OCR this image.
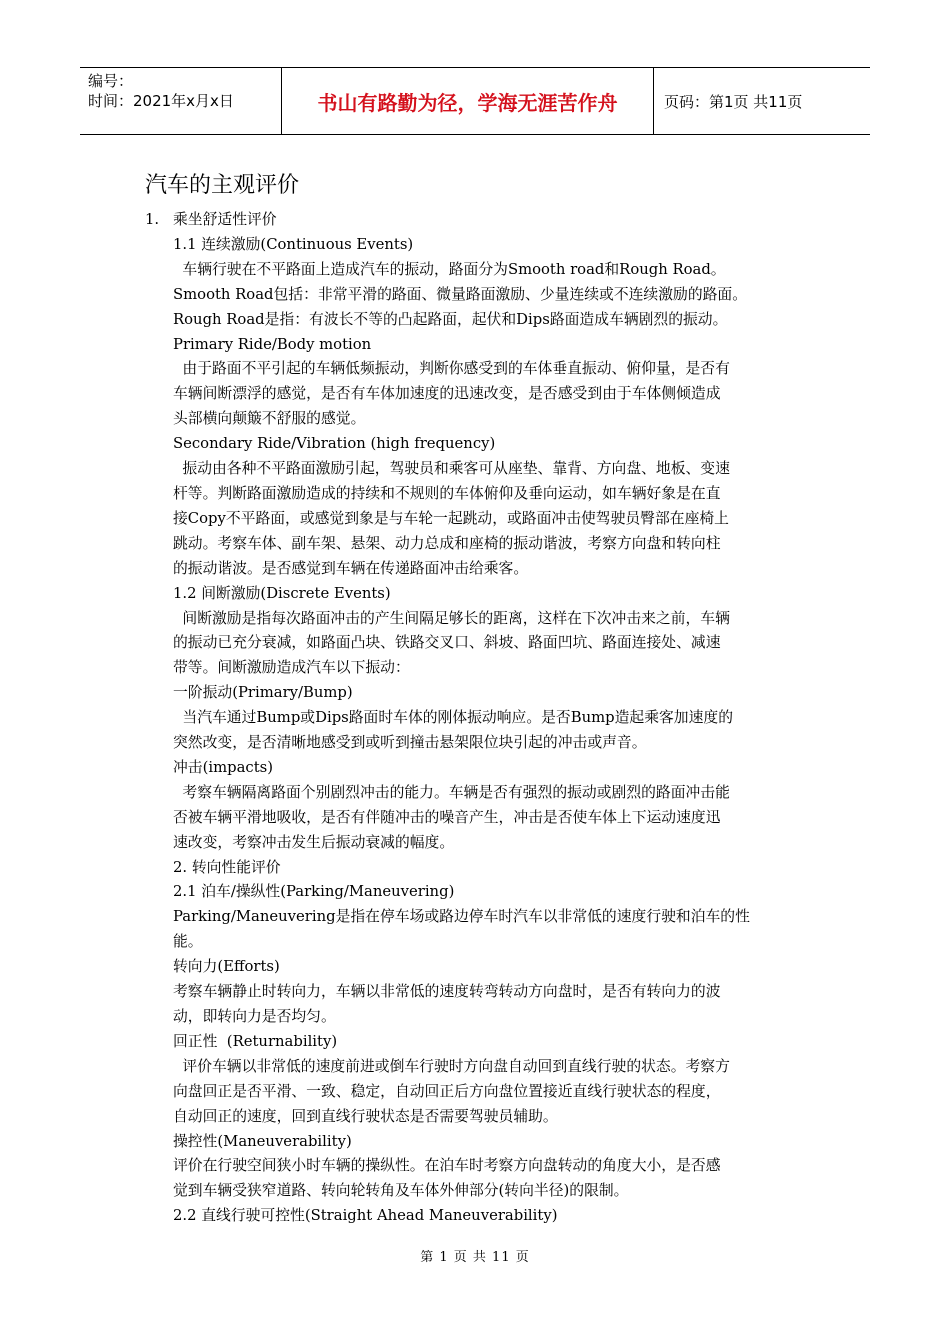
编号：
时间：2021年x月x日	书山有路勤为径，学海无涯苦作舟	页码：第1页 共11页
汽车的主观评价

1. 乘坐舒适性评价

1.1 连续激励(Continuous Events)

车辆行驶在不平路面上造成汽车的振动，路面分为Smooth road和Rough Road。

Smooth Road包括：非常平滑的路面、微量路面激励、少量连续或不连续激励的路面。

Rough Road是指：有波长不等的凸起路面，起伏和Dips路面造成车辆剧烈的振动。

Primary Ride/Body motion

由于路面不平引起的车辆低频振动，判断你感受到的车体垂直振动、俯仰量，是否有

车辆间断漂浮的感觉，是否有车体加速度的迅速改变，是否感受到由于车体侧倾造成

头部横向颠簸不舒服的感觉。

Secondary Ride/Vibration (high frequency)

振动由各种不平路面激励引起，驾驶员和乘客可从座垫、靠背、方向盘、地板、变速

杆等。判断路面激励造成的持续和不规则的车体俯仰及垂向运动，如车辆好象是在直

接Copy不平路面，或感觉到象是与车轮一起跳动，或路面冲击使驾驶员臀部在座椅上

跳动。考察车体、副车架、悬架、动力总成和座椅的振动谐波，考察方向盘和转向柱

的振动谐波。是否感觉到车辆在传递路面冲击给乘客。

1.2 间断激励(Discrete Events)

间断激励是指每次路面冲击的产生间隔足够长的距离，这样在下次冲击来之前，车辆

的振动已充分衰减，如路面凸块、铁路交叉口、斜坡、路面凹坑、路面连接处、减速

带等。间断激励造成汽车以下振动：

一阶振动(Primary/Bump)

当汽车通过Bump或Dips路面时车体的刚体振动响应。是否Bump造起乘客加速度的

突然改变，是否清晰地感受到或听到撞击悬架限位块引起的冲击或声音。

冲击(impacts)

考察车辆隔离路面个别剧烈冲击的能力。车辆是否有强烈的振动或剧烈的路面冲击能

否被车辆平滑地吸收，是否有伴随冲击的噪音产生，冲击是否使车体上下运动速度迅

速改变，考察冲击发生后振动衰减的幅度。

2. 转向性能评价

2.1 泊车/操纵性(Parking/Maneuvering)

Parking/Maneuvering是指在停车场或路边停车时汽车以非常低的速度行驶和泊车的性

能。

转向力(Efforts)

考察车辆静止时转向力，车辆以非常低的速度转弯转动方向盘时，是否有转向力的波

动，即转向力是否均匀。

回正性  (Returnability)

评价车辆以非常低的速度前进或倒车行驶时方向盘自动回到直线行驶的状态。考察方

向盘回正是否平滑、一致、稳定，自动回正后方向盘位置接近直线行驶状态的程度，

自动回正的速度，回到直线行驶状态是否需要驾驶员辅助。

操控性(Maneuverability)

评价在行驶空间狭小时车辆的操纵性。在泊车时考察方向盘转动的角度大小，是否感

觉到车辆受狭窄道路、转向轮转角及车体外伸部分(转向半径)的限制。

2.2 直线行驶可控性(Straight Ahead Maneuverability)

第 1 页 共 11 页
